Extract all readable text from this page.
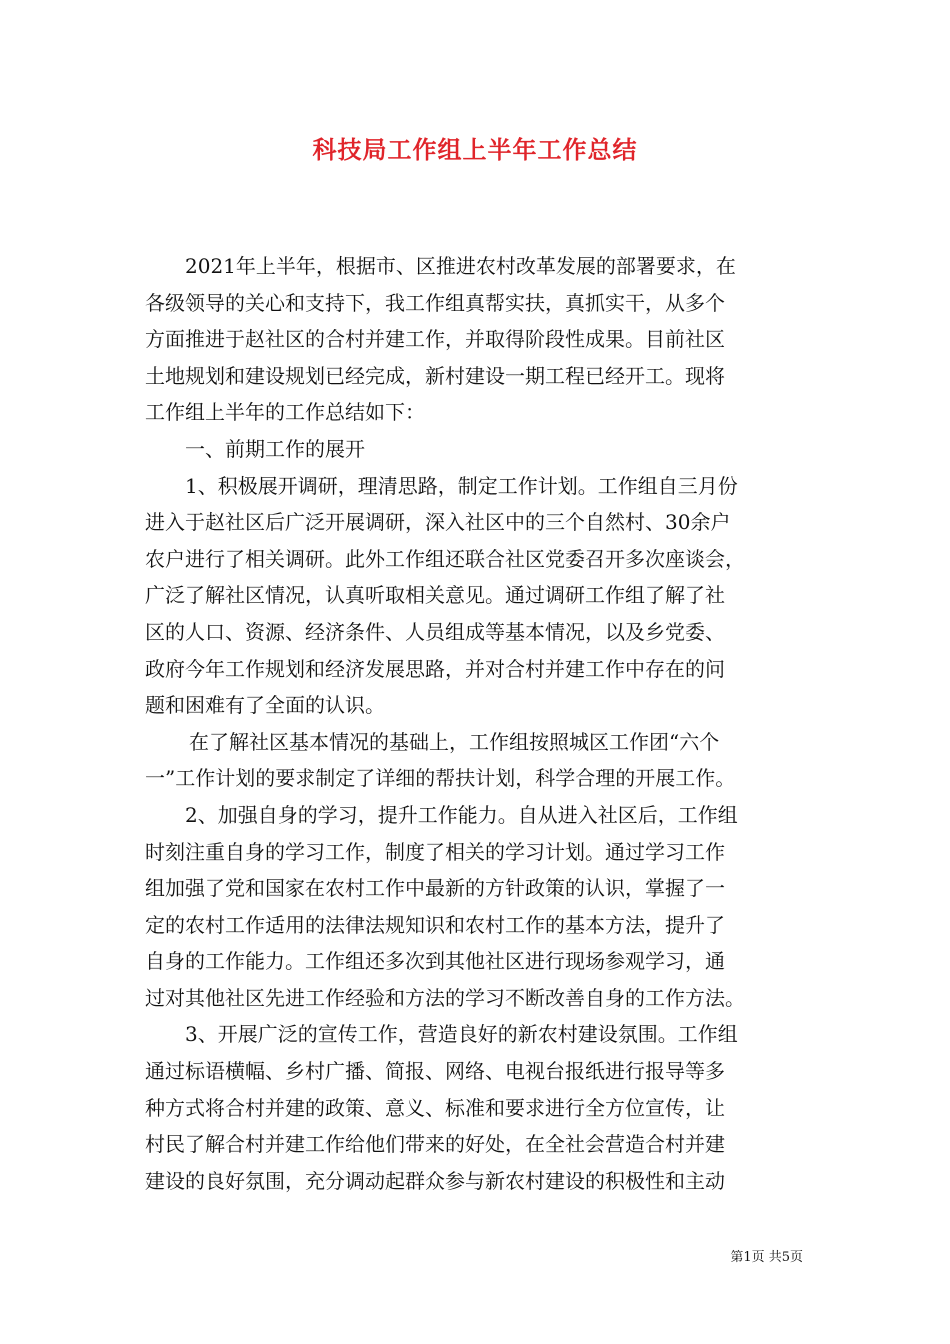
科技局工作组上半年工作总结
2021年上半年，根据市、区推进农村改革发展的部署要求，在
各级领导的关心和支持下，我工作组真帮实扶，真抓实干，从多个
方面推进于赵社区的合村并建工作，并取得阶段性成果。目前社区
土地规划和建设规划已经完成，新村建设一期工程已经开工。现将
工作组上半年的工作总结如下：
一、前期工作的展开
1、积极展开调研，理清思路，制定工作计划。工作组自三月份
进入于赵社区后广泛开展调研，深入社区中的三个自然村、30余户
农户进行了相关调研。此外工作组还联合社区党委召开多次座谈会，
广泛了解社区情况，认真听取相关意见。通过调研工作组了解了社
区的人口、资源、经济条件、人员组成等基本情况，以及乡党委、
政府今年工作规划和经济发展思路，并对合村并建工作中存在的问
题和困难有了全面的认识。
在了解社区基本情况的基础上，工作组按照城区工作团“六个
一”工作计划的要求制定了详细的帮扶计划，科学合理的开展工作。
2、加强自身的学习，提升工作能力。自从进入社区后，工作组
时刻注重自身的学习工作，制度了相关的学习计划。通过学习工作
组加强了党和国家在农村工作中最新的方针政策的认识，掌握了一
定的农村工作适用的法律法规知识和农村工作的基本方法，提升了
自身的工作能力。工作组还多次到其他社区进行现场参观学习，通
过对其他社区先进工作经验和方法的学习不断改善自身的工作方法。
3、开展广泛的宣传工作，营造良好的新农村建设氛围。工作组
通过标语横幅、乡村广播、简报、网络、电视台报纸进行报导等多
种方式将合村并建的政策、意义、标准和要求进行全方位宣传，让
村民了解合村并建工作给他们带来的好处，在全社会营造合村并建
建设的良好氛围，充分调动起群众参与新农村建设的积极性和主动
第1页 共5页
